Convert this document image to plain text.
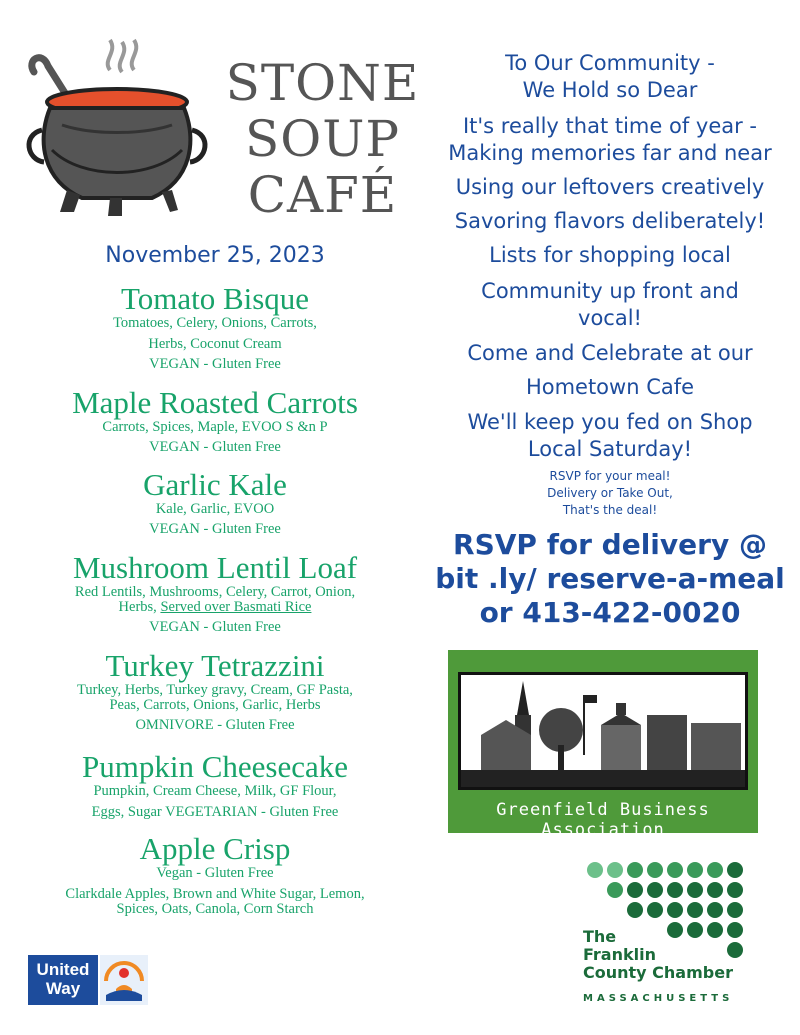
STONE
SOUP
CAFÉ
November 25, 2023
Tomato Bisque
Tomatoes, Celery, Onions, Carrots,
Herbs, Coconut Cream
VEGAN - Gluten Free
Maple Roasted Carrots
Carrots, Spices, Maple, EVOO S &n P
VEGAN - Gluten Free
Garlic Kale
Kale, Garlic, EVOO
VEGAN - Gluten Free
Mushroom Lentil Loaf
Red Lentils, Mushrooms, Celery, Carrot, Onion,
Herbs, Served over Basmati Rice
VEGAN - Gluten Free
Turkey Tetrazzini
Turkey, Herbs, Turkey gravy, Cream, GF Pasta,
Peas, Carrots, Onions, Garlic, Herbs
OMNIVORE - Gluten Free
Pumpkin Cheesecake
Pumpkin, Cream Cheese, Milk, GF Flour,
Eggs, Sugar VEGETARIAN - Gluten Free
Apple Crisp
Vegan - Gluten Free
Clarkdale Apples, Brown and White Sugar, Lemon,
Spices, Oats, Canola, Corn Starch
To Our Community -
We Hold so Dear
It's really that time of year -
Making memories far and near
Using our leftovers creatively
Savoring flavors deliberately!
Lists for shopping local
Community up front and
vocal!
Come and Celebrate at our
Hometown Cafe
We'll keep you fed on Shop
Local Saturday!
RSVP for your meal!
Delivery or Take Out,
That's the deal!
RSVP for delivery @
bit .ly/ reserve-a-meal
or 413-422-0020
Greenfield Business Association
The
Franklin
County Chamber
MASSACHUSETTS
United
Way
